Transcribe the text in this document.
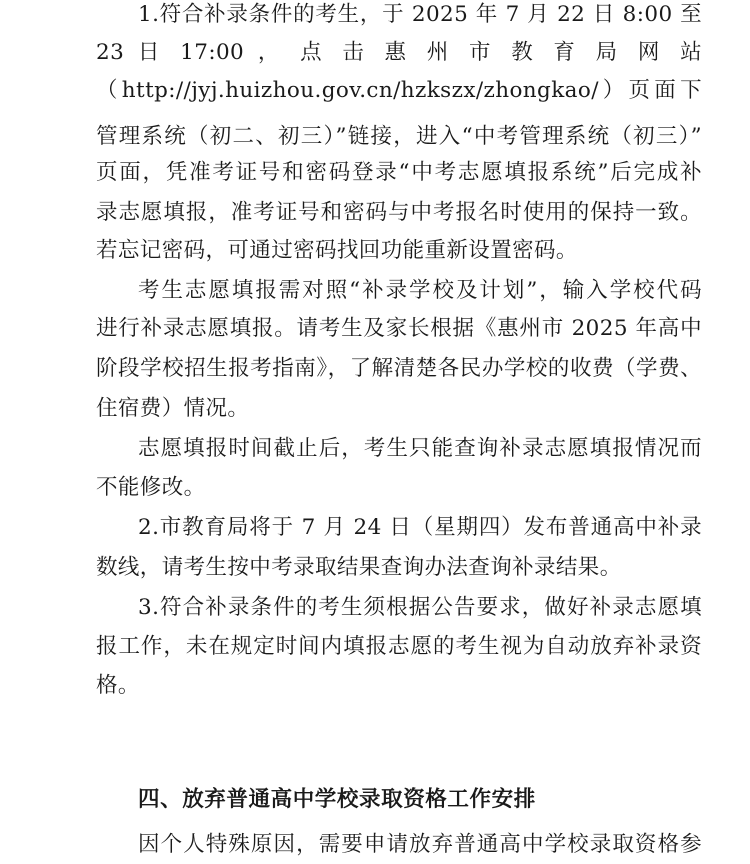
1.符合补录条件的考生，于 2025 年 7 月 22 日 8:00 至
23 日 17:00 ， 点 击 惠 州 市 教 育 局 网 站
（http://jyj.huizhou.gov.cn/hzkszx/zhongkao/）页面下
管理系统（初二、初三）”链接，进入“中考管理系统（初三）”
页面，凭准考证号和密码登录“中考志愿填报系统”后完成补
录志愿填报，准考证号和密码与中考报名时使用的保持一致。
若忘记密码，可通过密码找回功能重新设置密码。
考生志愿填报需对照“补录学校及计划”，输入学校代码
进行补录志愿填报。请考生及家长根据《惠州市 2025 年高中
阶段学校招生报考指南》，了解清楚各民办学校的收费（学费、
住宿费）情况。
志愿填报时间截止后，考生只能查询补录志愿填报情况而
不能修改。
2.市教育局将于 7 月 24 日（星期四）发布普通高中补录
数线，请考生按中考录取结果查询办法查询补录结果。
3.符合补录条件的考生须根据公告要求，做好补录志愿填
报工作，未在规定时间内填报志愿的考生视为自动放弃补录资
格。
四、放弃普通高中学校录取资格工作安排
因个人特殊原因，需要申请放弃普通高中学校录取资格参
